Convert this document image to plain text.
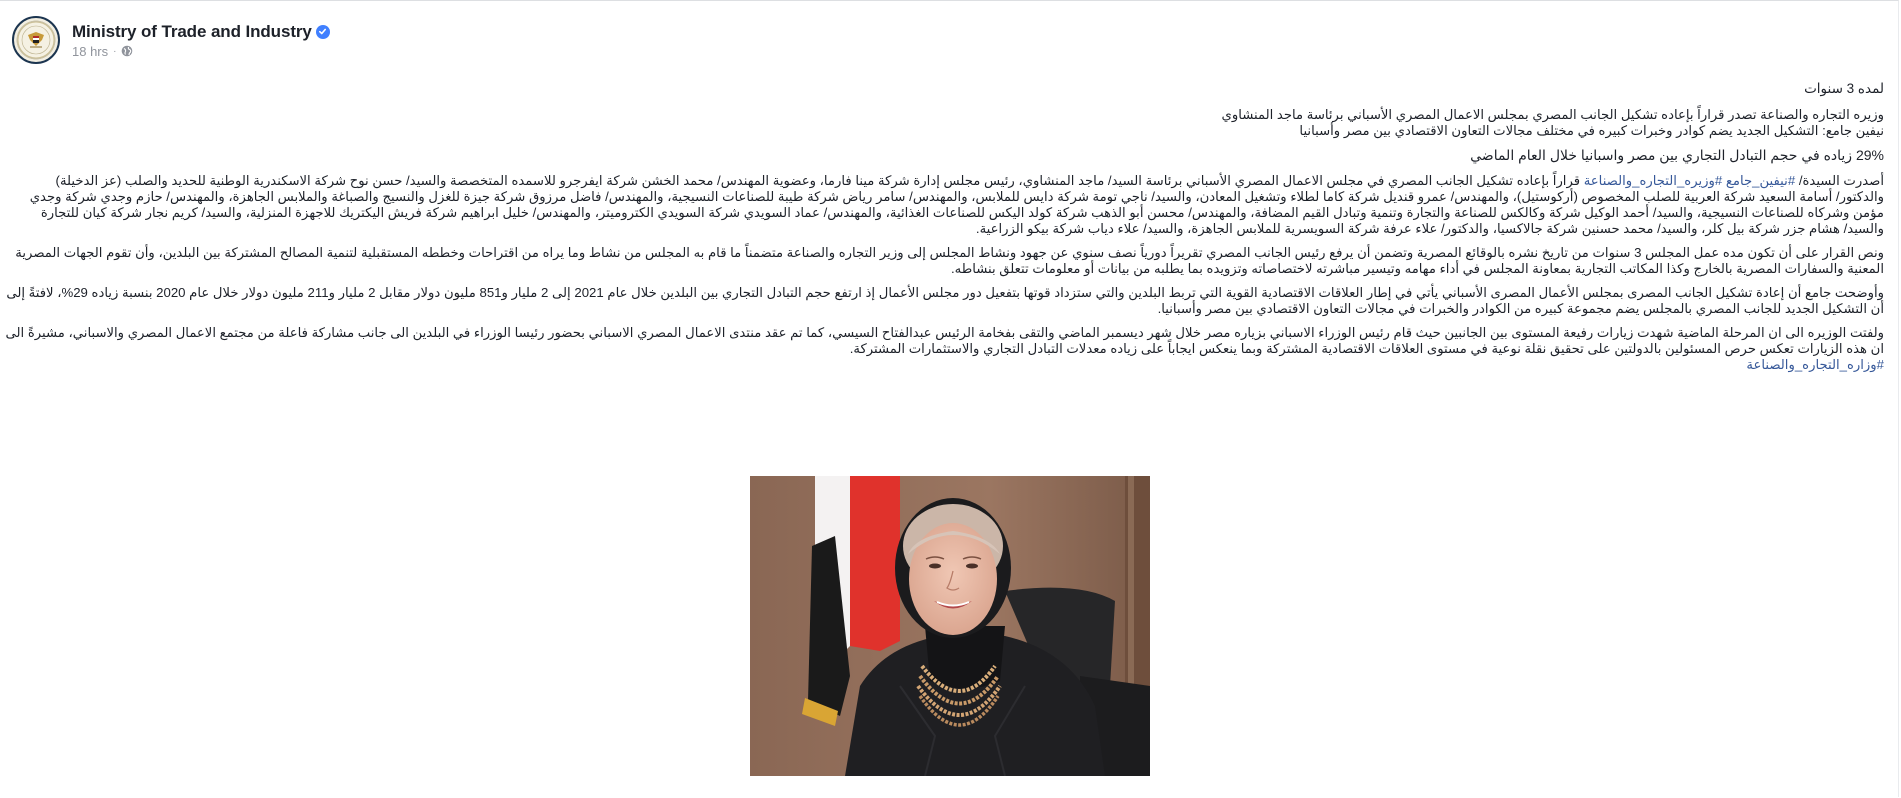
Ministry of Trade and Industry
18 hrs ·

لمده 3 سنوات

وزيره التجاره والصناعة تصدر قراراً بإعاده تشكيل الجانب المصري بمجلس الاعمال المصري الأسباني برئاسة ماجد المنشاوي

نيفين جامع: التشكيل الجديد يضم كوادر وخبرات كبيره في مختلف مجالات التعاون الاقتصادي بين مصر وأسبانيا

29% زياده في حجم التبادل التجاري بين مصر واسبانيا خلال العام الماضي

أصدرت السيدة/ #نيفين_جامع #وزيره_التجاره_والصناعة قراراً بإعاده تشكيل الجانب المصري في مجلس الاعمال المصري الأسباني برئاسة السيد/ ماجد المنشاوي، رئيس مجلس إدارة شركة مينا فارما، وعضوية المهندس/ محمد الخشن شركة ايفرجرو للاسمده المتخصصة والسيد/ حسن نوح شركة الاسكندرية الوطنية للحديد والصلب (عز الدخيلة) والدكتور/ أسامة السعيد شركة العربية للصلب المخصوص (أركوستيل)، والمهندس/ عمرو قنديل شركة كاما لطلاء وتشغيل المعادن، والسيد/ ناجي تومة شركة دايس للملابس، والمهندس/ سامر رياض شركة طيبة للصناعات النسيجية، والمهندس/ فاضل مرزوق شركة جيزة للغزل والنسيج والصباغة والملابس الجاهزة، والمهندس/ حازم وجدي شركة وجدي مؤمن وشركاه للصناعات النسيجية، والسيد/ أحمد الوكيل شركة وكالكس للصناعة والتجارة وتنمية وتبادل القيم المضافة، والمهندس/ محسن أبو الذهب شركة كولد اليكس للصناعات الغذائية، والمهندس/ عماد السويدي شركة السويدي الكتروميتر، والمهندس/ خليل ابراهيم شركة فريش اليكتريك للاجهزة المنزلية، والسيد/ كريم نجار شركة كيان للتجارة والسيد/ هشام جزر شركة بيل كلر، والسيد/ محمد حسنين شركة جالاكسيا، والدكتور/ علاء عرفة شركة السويسرية للملابس الجاهزة، والسيد/ علاء دياب شركة بيكو الزراعية.

ونص القرار على أن تكون مده عمل المجلس 3 سنوات من تاريخ نشره بالوقائع المصرية وتضمن أن يرفع رئيس الجانب المصري تقريراً دورياً نصف سنوي عن جهود ونشاط المجلس إلى وزير التجاره والصناعة متضمناً ما قام به المجلس من نشاط وما يراه من اقتراحات وخططه المستقبلية لتنمية المصالح المشتركة بين البلدين، وأن تقوم الجهات المصرية المعنية والسفارات المصرية بالخارج وكذا المكاتب التجارية بمعاونة المجلس في أداء مهامه وتيسير مباشرته لاختصاصاته وتزويده بما يطلبه من بيانات أو معلومات تتعلق بنشاطه.

وأوضحت جامع أن إعادة تشكيل الجانب المصرى بمجلس الأعمال المصرى الأسباني يأتي في إطار العلاقات الاقتصادية القوية التي تربط البلدين والتي ستزداد قوتها بتفعيل دور مجلس الأعمال إذ ارتفع حجم التبادل التجاري بين البلدين خلال عام 2021 إلى 2 مليار و851 مليون دولار مقابل 2 مليار و211 مليون دولار خلال عام 2020 بنسبة زياده 29%، لافتةً إلى أن التشكيل الجديد للجانب المصري بالمجلس يضم مجموعة كبيره من الكوادر والخبرات في مجالات التعاون الاقتصادي بين مصر وأسبانيا.

ولفتت الوزيره الى ان المرحلة الماضية شهدت زيارات رفيعة المستوى بين الجانبين حيث قام رئيس الوزراء الاسباني بزياره مصر خلال شهر ديسمبر الماضي والتقى بفخامة الرئيس عبدالفتاح السيسي، كما تم عقد منتدى الاعمال المصري الاسباني بحضور رئيسا الوزراء في البلدين الى جانب مشاركة فاعلة من مجتمع الاعمال المصري والاسباني، مشيرةً الى ان هذه الزيارات تعكس حرص المسئولين بالدولتين على تحقيق نقلة نوعية في مستوى العلاقات الاقتصادية المشتركة وبما ينعكس ايجاباً على زياده معدلات التبادل التجاري والاستثمارات المشتركة.

#وزاره_التجاره_والصناعة
